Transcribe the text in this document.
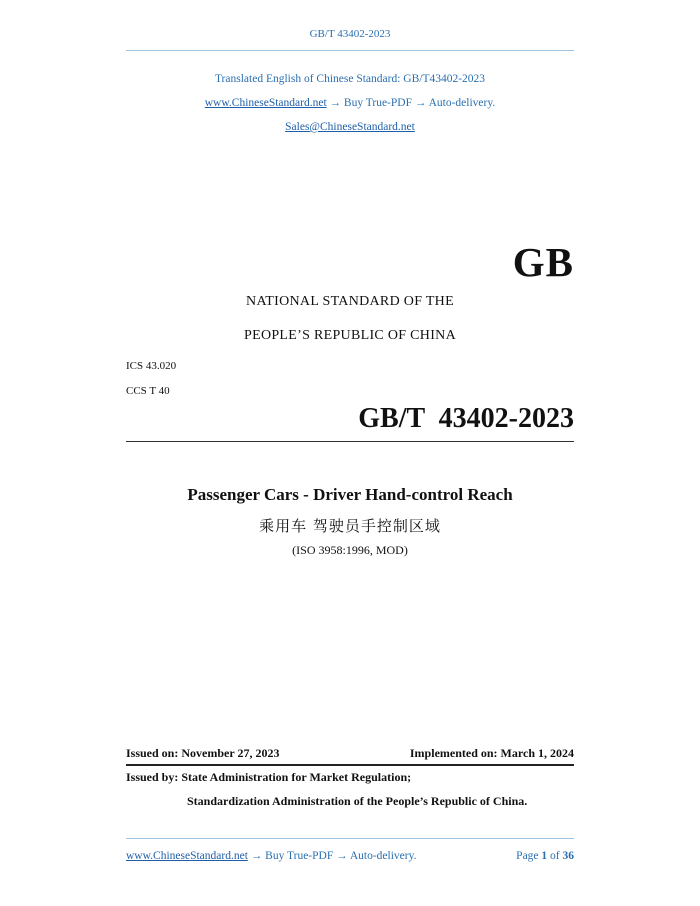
GB/T 43402-2023
Translated English of Chinese Standard: GB/T43402-2023
www.ChineseStandard.net → Buy True-PDF → Auto-delivery.
Sales@ChineseStandard.net
GB
NATIONAL STANDARD OF THE
PEOPLE’S REPUBLIC OF CHINA
ICS 43.020
CCS T 40
GB/T  43402-2023
Passenger Cars - Driver Hand-control Reach
乘用车 驾驶员手控制区域
(ISO 3958:1996, MOD)
Issued on: November 27, 2023	Implemented on: March 1, 2024
Issued by: State Administration for Market Regulation;
Standardization Administration of the People’s Republic of China.
www.ChineseStandard.net → Buy True-PDF → Auto-delivery.	Page 1 of 36
